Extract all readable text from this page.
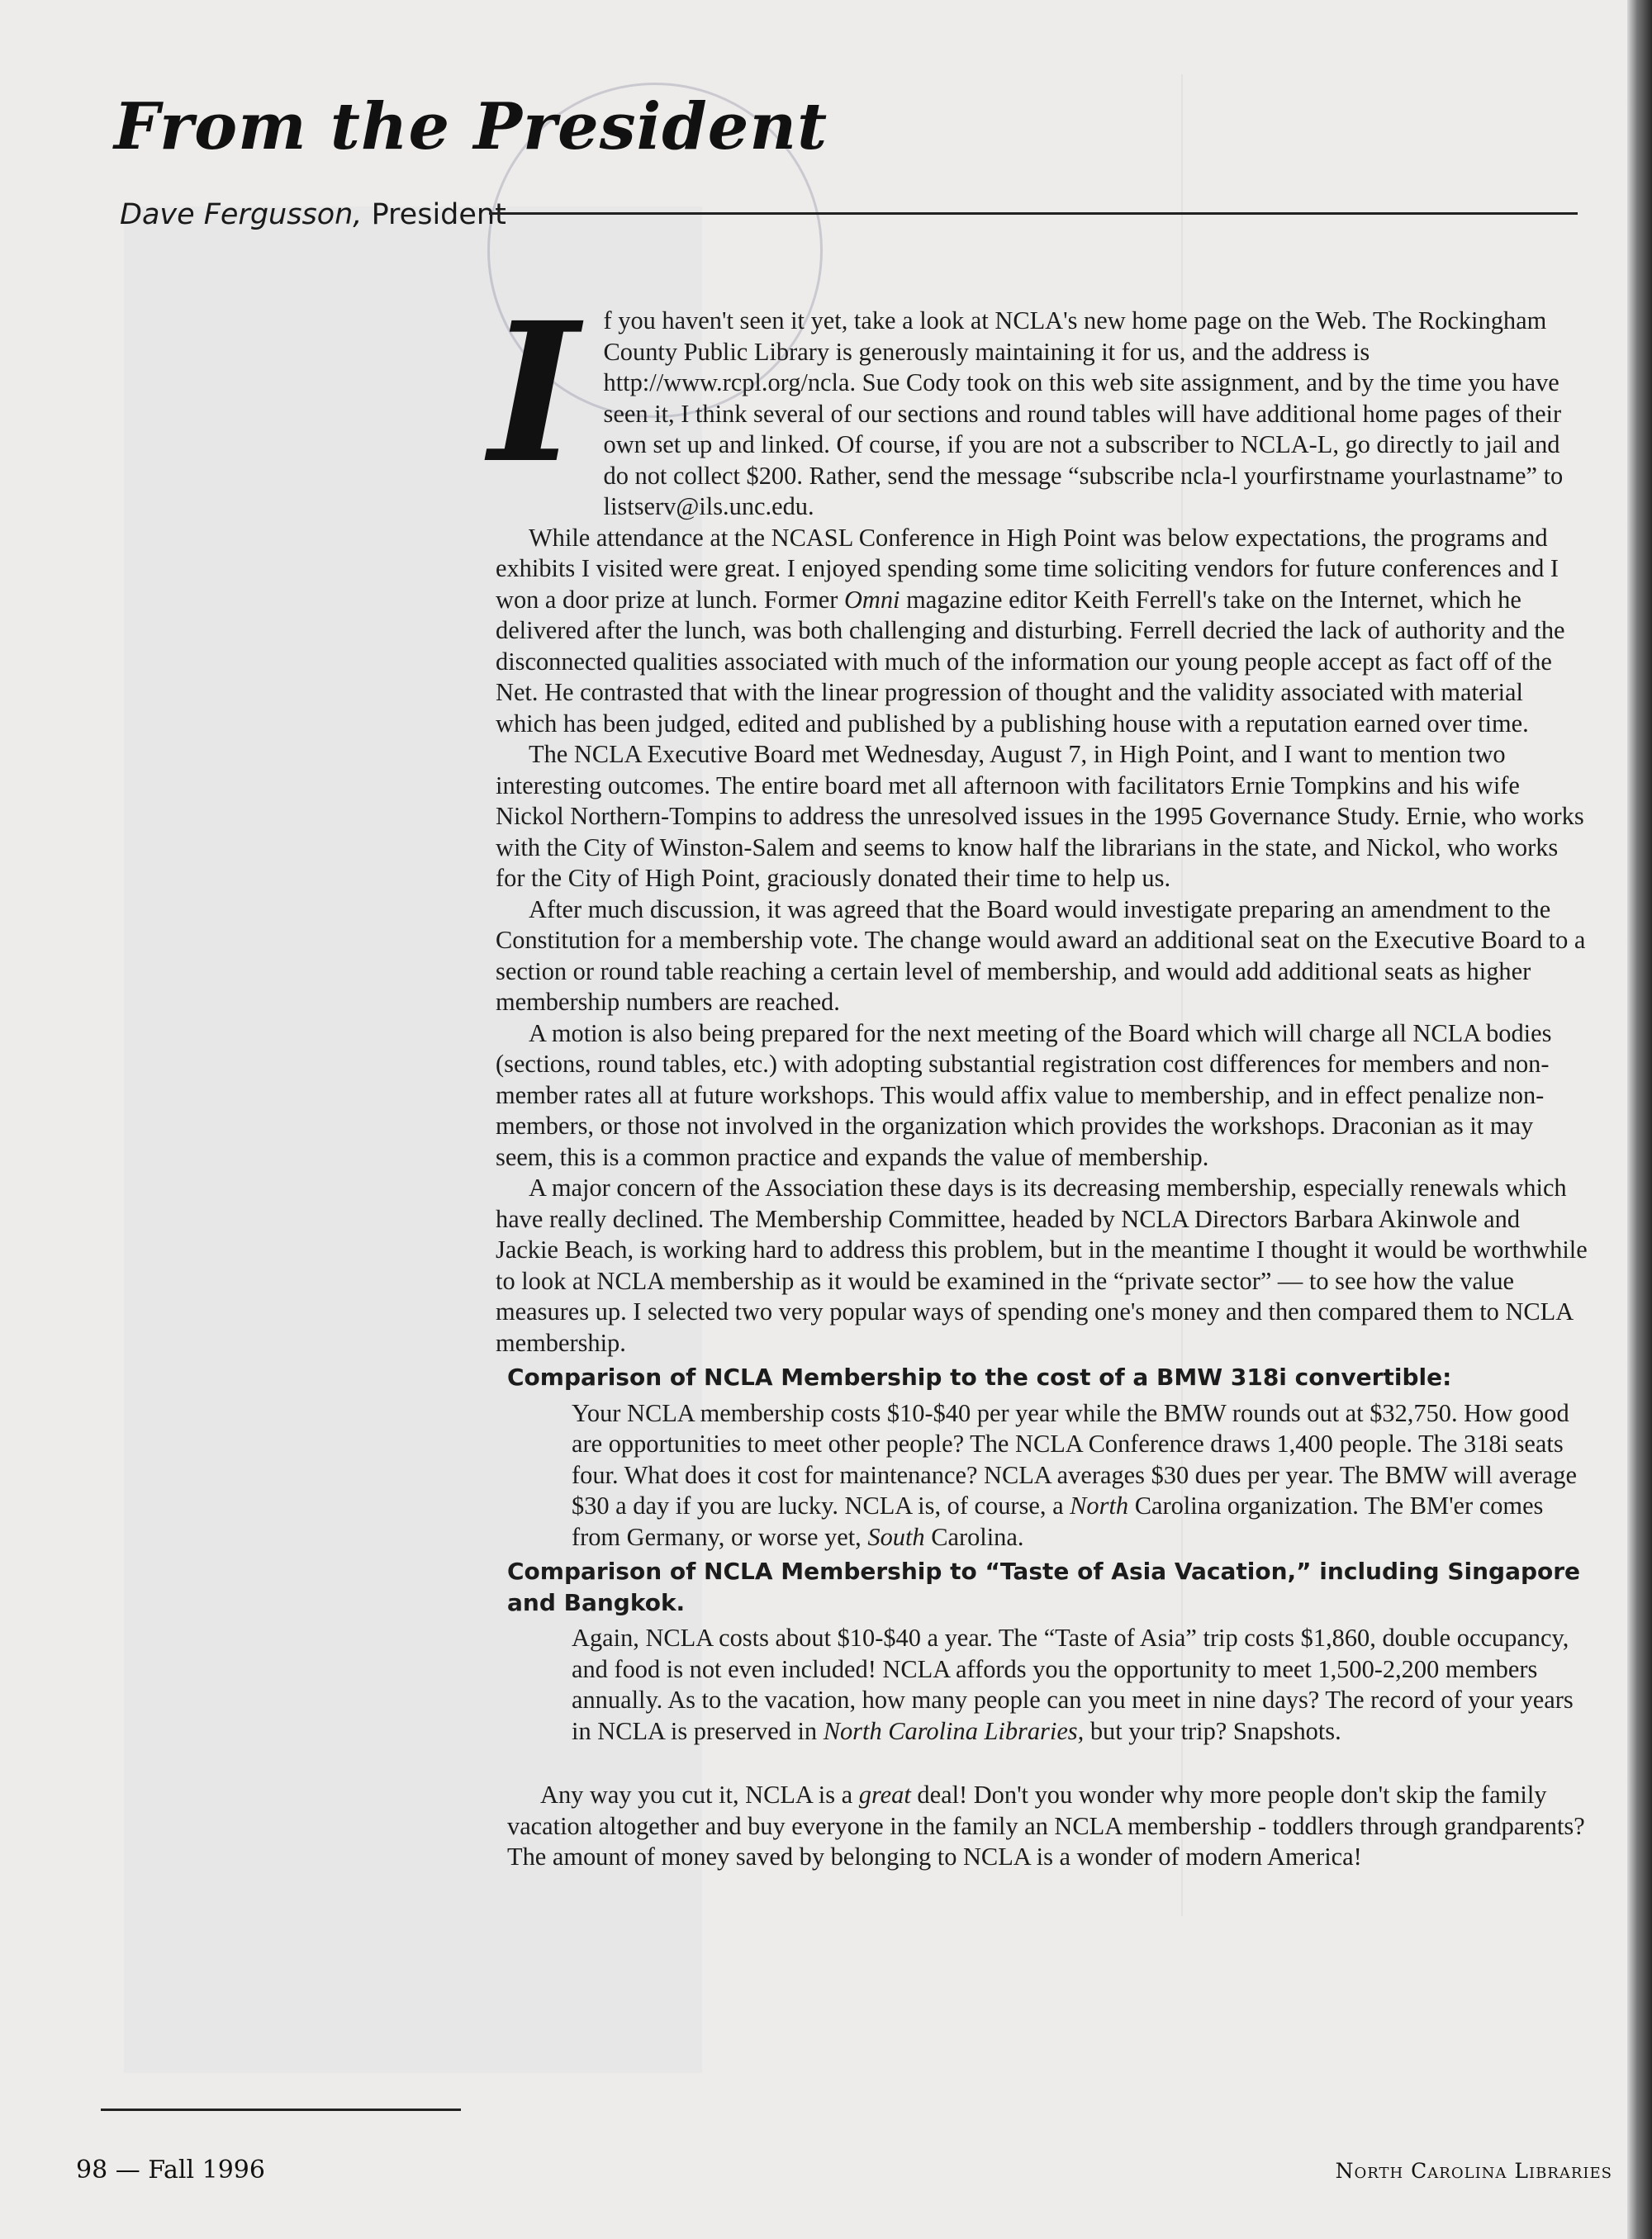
From the President
Dave Fergusson, President

If you haven't seen it yet, take a look at NCLA's new home page on the Web. The Rockingham County Public Library is generously maintaining it for us, and the address is http://www.rcpl.org/ncla. Sue Cody took on this web site assignment, and by the time you have seen it, I think several of our sections and round tables will have additional home pages of their own set up and linked. Of course, if you are not a subscriber to NCLA-L, go directly to jail and do not collect $200. Rather, send the message “subscribe ncla-l yourfirstname yourlastname” to listserv@ils.unc.edu.

While attendance at the NCASL Conference in High Point was below expectations, the programs and exhibits I visited were great. I enjoyed spending some time soliciting vendors for future conferences and I won a door prize at lunch. Former Omni magazine editor Keith Ferrell's take on the Internet, which he delivered after the lunch, was both challenging and disturbing. Ferrell decried the lack of authority and the disconnected qualities associated with much of the information our young people accept as fact off of the Net. He contrasted that with the linear progression of thought and the validity associated with material which has been judged, edited and published by a publishing house with a reputation earned over time.

The NCLA Executive Board met Wednesday, August 7, in High Point, and I want to mention two interesting outcomes. The entire board met all afternoon with facilitators Ernie Tompkins and his wife Nickol Northern-Tompins to address the unresolved issues in the 1995 Governance Study. Ernie, who works with the City of Winston-Salem and seems to know half the librarians in the state, and Nickol, who works for the City of High Point, graciously donated their time to help us.

After much discussion, it was agreed that the Board would investigate preparing an amendment to the Constitution for a membership vote. The change would award an additional seat on the Executive Board to a section or round table reaching a certain level of membership, and would add additional seats as higher membership numbers are reached.

A motion is also being prepared for the next meeting of the Board which will charge all NCLA bodies (sections, round tables, etc.) with adopting substantial registration cost differences for members and non-member rates all at future workshops. This would affix value to membership, and in effect penalize non-members, or those not involved in the organization which provides the workshops. Draconian as it may seem, this is a common practice and expands the value of membership.

A major concern of the Association these days is its decreasing membership, especially renewals which have really declined. The Membership Committee, headed by NCLA Directors Barbara Akinwole and Jackie Beach, is working hard to address this problem, but in the meantime I thought it would be worthwhile to look at NCLA membership as it would be examined in the “private sector” — to see how the value measures up. I selected two very popular ways of spending one's money and then compared them to NCLA membership.

Comparison of NCLA Membership to the cost of a BMW 318i convertible:

Your NCLA membership costs $10-$40 per year while the BMW rounds out at $32,750. How good are opportunities to meet other people? The NCLA Conference draws 1,400 people. The 318i seats four. What does it cost for maintenance? NCLA averages $30 dues per year. The BMW will average $30 a day if you are lucky. NCLA is, of course, a North Carolina organization. The BM'er comes from Germany, or worse yet, South Carolina.

Comparison of NCLA Membership to “Taste of Asia Vacation,” including Singapore and Bangkok.

Again, NCLA costs about $10-$40 a year. The “Taste of Asia” trip costs $1,860, double occupancy, and food is not even included! NCLA affords you the opportunity to meet 1,500-2,200 members annually. As to the vacation, how many people can you meet in nine days? The record of your years in NCLA is preserved in North Carolina Libraries, but your trip? Snapshots.

Any way you cut it, NCLA is a great deal! Don't you wonder why more people don't skip the family vacation altogether and buy everyone in the family an NCLA membership - toddlers through grandparents? The amount of money saved by belonging to NCLA is a wonder of modern America!

98 — Fall 1996	North Carolina Libraries
